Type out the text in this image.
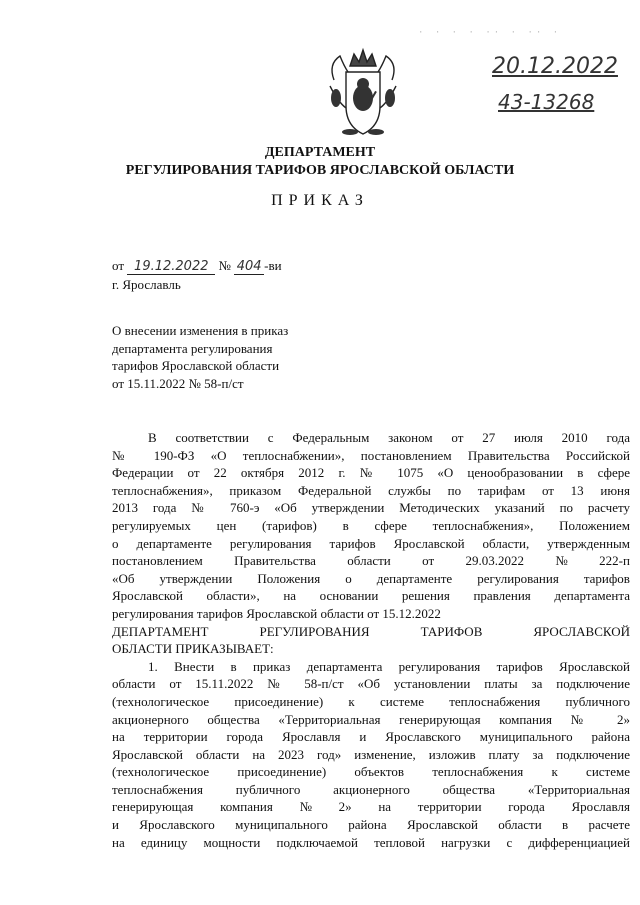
· · · · ·· · ·· ·
20.12.2022
43-13268
ДЕПАРТАМЕНТ
РЕГУЛИРОВАНИЯ ТАРИФОВ ЯРОСЛАВСКОЙ ОБЛАСТИ
ПРИКАЗ
от 19.12.2022 № 404 -ви
г. Ярославль
О внесении изменения в приказ
департамента регулирования
тарифов Ярославской области
от 15.11.2022 № 58-п/ст
В соответствии с Федеральным законом от 27 июля 2010 года
№ 190-ФЗ «О теплоснабжении», постановлением Правительства Российской
Федерации от 22 октября 2012 г. № 1075 «О ценообразовании в сфере
теплоснабжения», приказом Федеральной службы по тарифам от 13 июня
2013 года № 760-э «Об утверждении Методических указаний по расчету
регулируемых цен (тарифов) в сфере теплоснабжения», Положением
о департаменте регулирования тарифов Ярославской области, утвержденным
постановлением Правительства области от 29.03.2022 № 222-п
«Об утверждении Положения о департаменте регулирования тарифов
Ярославской области», на основании решения правления департамента
регулирования тарифов Ярославской области от 15.12.2022
ДЕПАРТАМЕНТ	РЕГУЛИРОВАНИЯ	ТАРИФОВ	ЯРОСЛАВСКОЙ
ОБЛАСТИ ПРИКАЗЫВАЕТ:
1. Внести в приказ департамента регулирования тарифов Ярославской
области от 15.11.2022 № 58-п/ст «Об установлении платы за подключение
(технологическое присоединение) к системе теплоснабжения публичного
акционерного общества «Территориальная генерирующая компания № 2»
на территории города Ярославля и Ярославского муниципального района
Ярославской области на 2023 год» изменение, изложив плату за подключение
(технологическое присоединение) объектов теплоснабжения к системе
теплоснабжения публичного акционерного общества «Территориальная
генерирующая компания № 2» на территории города Ярославля
и Ярославского муниципального района Ярославской области в расчете
на единицу мощности подключаемой тепловой нагрузки с дифференциацией
